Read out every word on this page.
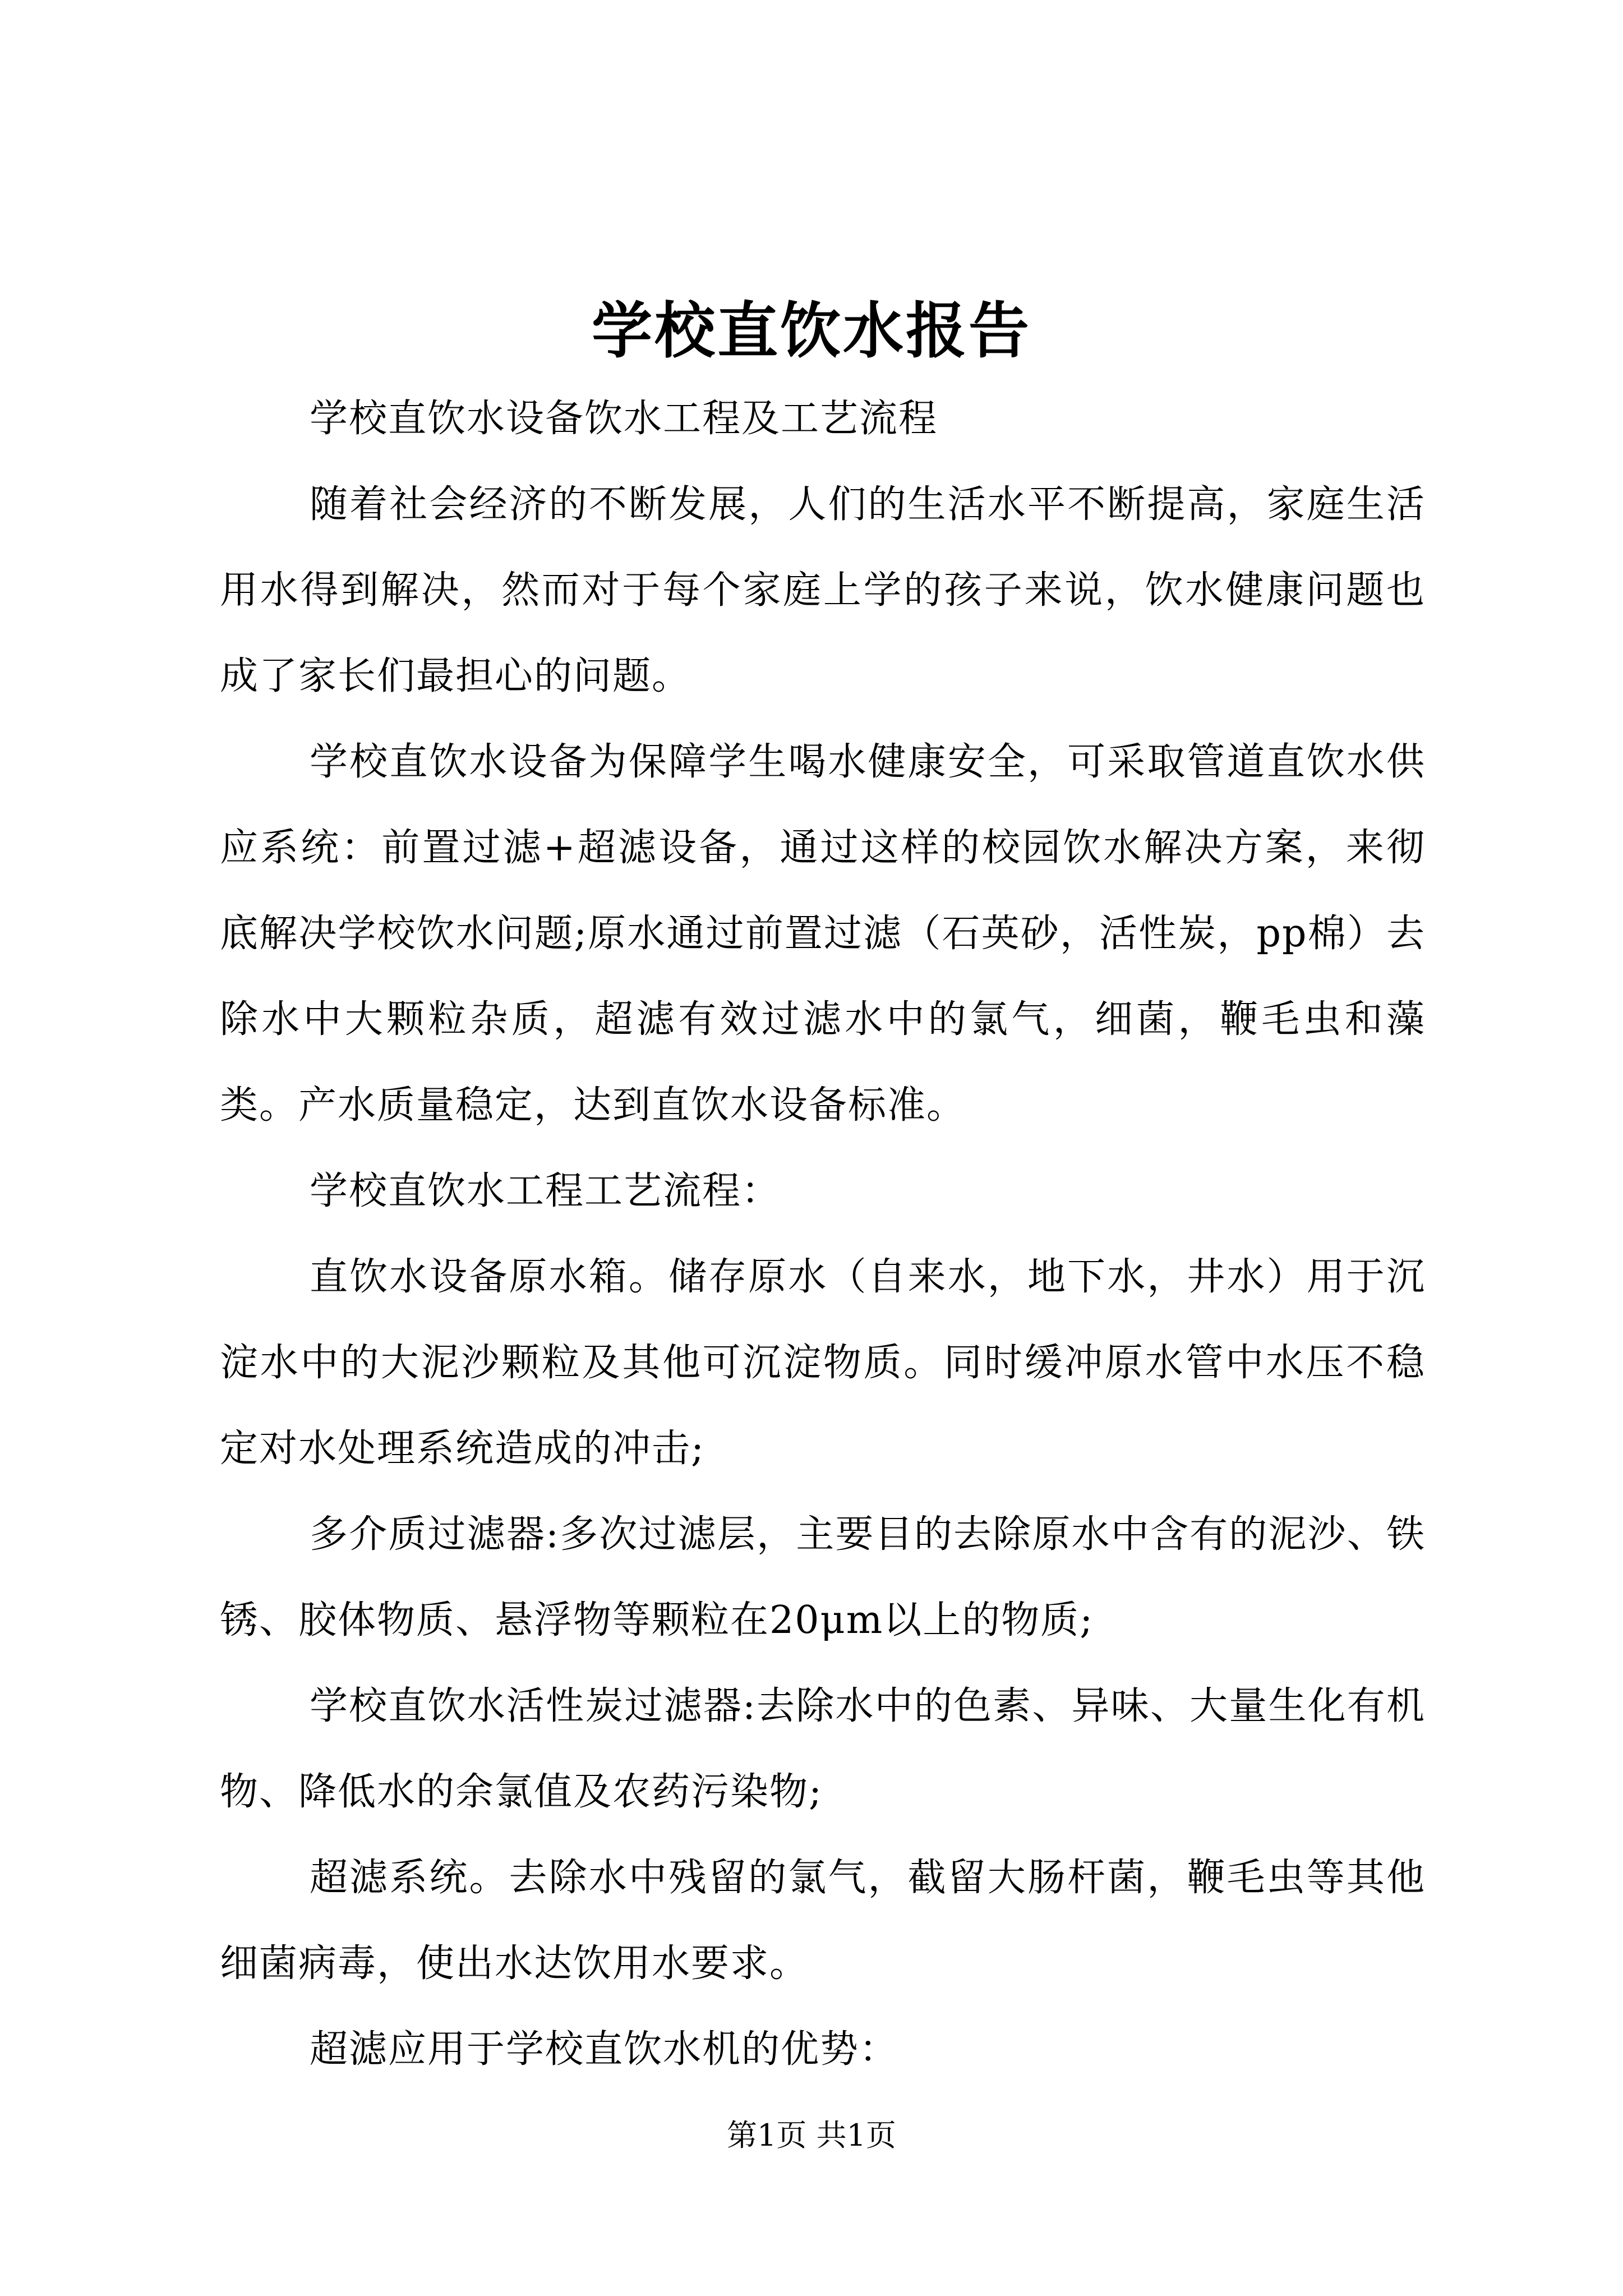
学校直饮水报告

学校直饮水设备饮水工程及工艺流程

随着社会经济的不断发展，人们的生活水平不断提高，家庭生活用水得到解决，然而对于每个家庭上学的孩子来说，饮水健康问题也成了家长们最担心的问题。

学校直饮水设备为保障学生喝水健康安全，可采取管道直饮水供应系统：前置过滤+超滤设备，通过这样的校园饮水解决方案，来彻底解决学校饮水问题;原水通过前置过滤（石英砂，活性炭，pp棉）去除水中大颗粒杂质，超滤有效过滤水中的氯气，细菌，鞭毛虫和藻类。产水质量稳定，达到直饮水设备标准。

学校直饮水工程工艺流程：

直饮水设备原水箱。储存原水（自来水，地下水，井水）用于沉淀水中的大泥沙颗粒及其他可沉淀物质。同时缓冲原水管中水压不稳定对水处理系统造成的冲击;

多介质过滤器:多次过滤层，主要目的去除原水中含有的泥沙、铁锈、胶体物质、悬浮物等颗粒在20μm以上的物质;

学校直饮水活性炭过滤器:去除水中的色素、异味、大量生化有机物、降低水的余氯值及农药污染物;

超滤系统。去除水中残留的氯气，截留大肠杆菌，鞭毛虫等其他细菌病毒，使出水达饮用水要求。

超滤应用于学校直饮水机的优势：

第1页 共1页
